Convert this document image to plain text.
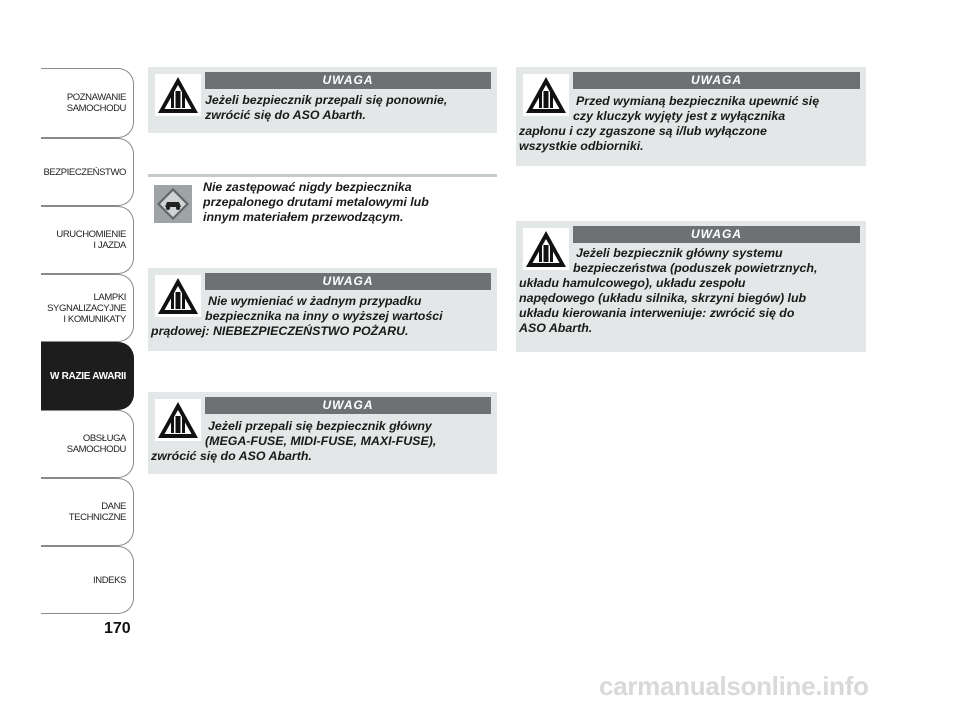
POZNAWANIE
SAMOCHODU
BEZPIECZEŃSTWO
URUCHOMIENIE
I JAZDA
LAMPKI
SYGNALIZACYJNE
I KOMUNIKATY
W RAZIE AWARII
OBSŁUGA
SAMOCHODU
DANE
TECHNICZNE
INDEKS
170
UWAGA
Jeżeli bezpiecznik przepali się ponownie,
zwrócić się do ASO Abarth.
Nie zastępować nigdy bezpiecznika
przepalonego drutami metalowymi lub
innym materiałem przewodzącym.
UWAGA
Nie wymieniać w żadnym przypadku
bezpiecznika na inny o wyższej wartości
prądowej: NIEBEZPIECZEŃSTWO POŻARU.
UWAGA
Jeżeli przepali się bezpiecznik główny
(MEGA-FUSE, MIDI-FUSE, MAXI-FUSE),
zwrócić się do ASO Abarth.
UWAGA
Przed wymianą bezpiecznika upewnić się
czy kluczyk wyjęty jest z wyłącznika
zapłonu i czy zgaszone są i/lub wyłączone
wszystkie odbiorniki.
UWAGA
Jeżeli bezpiecznik główny systemu
bezpieczeństwa (poduszek powietrznych,
układu hamulcowego), układu zespołu
napędowego (układu silnika, skrzyni biegów) lub
układu kierowania interweniuje: zwrócić się do
ASO Abarth.
carmanualsonline.info
